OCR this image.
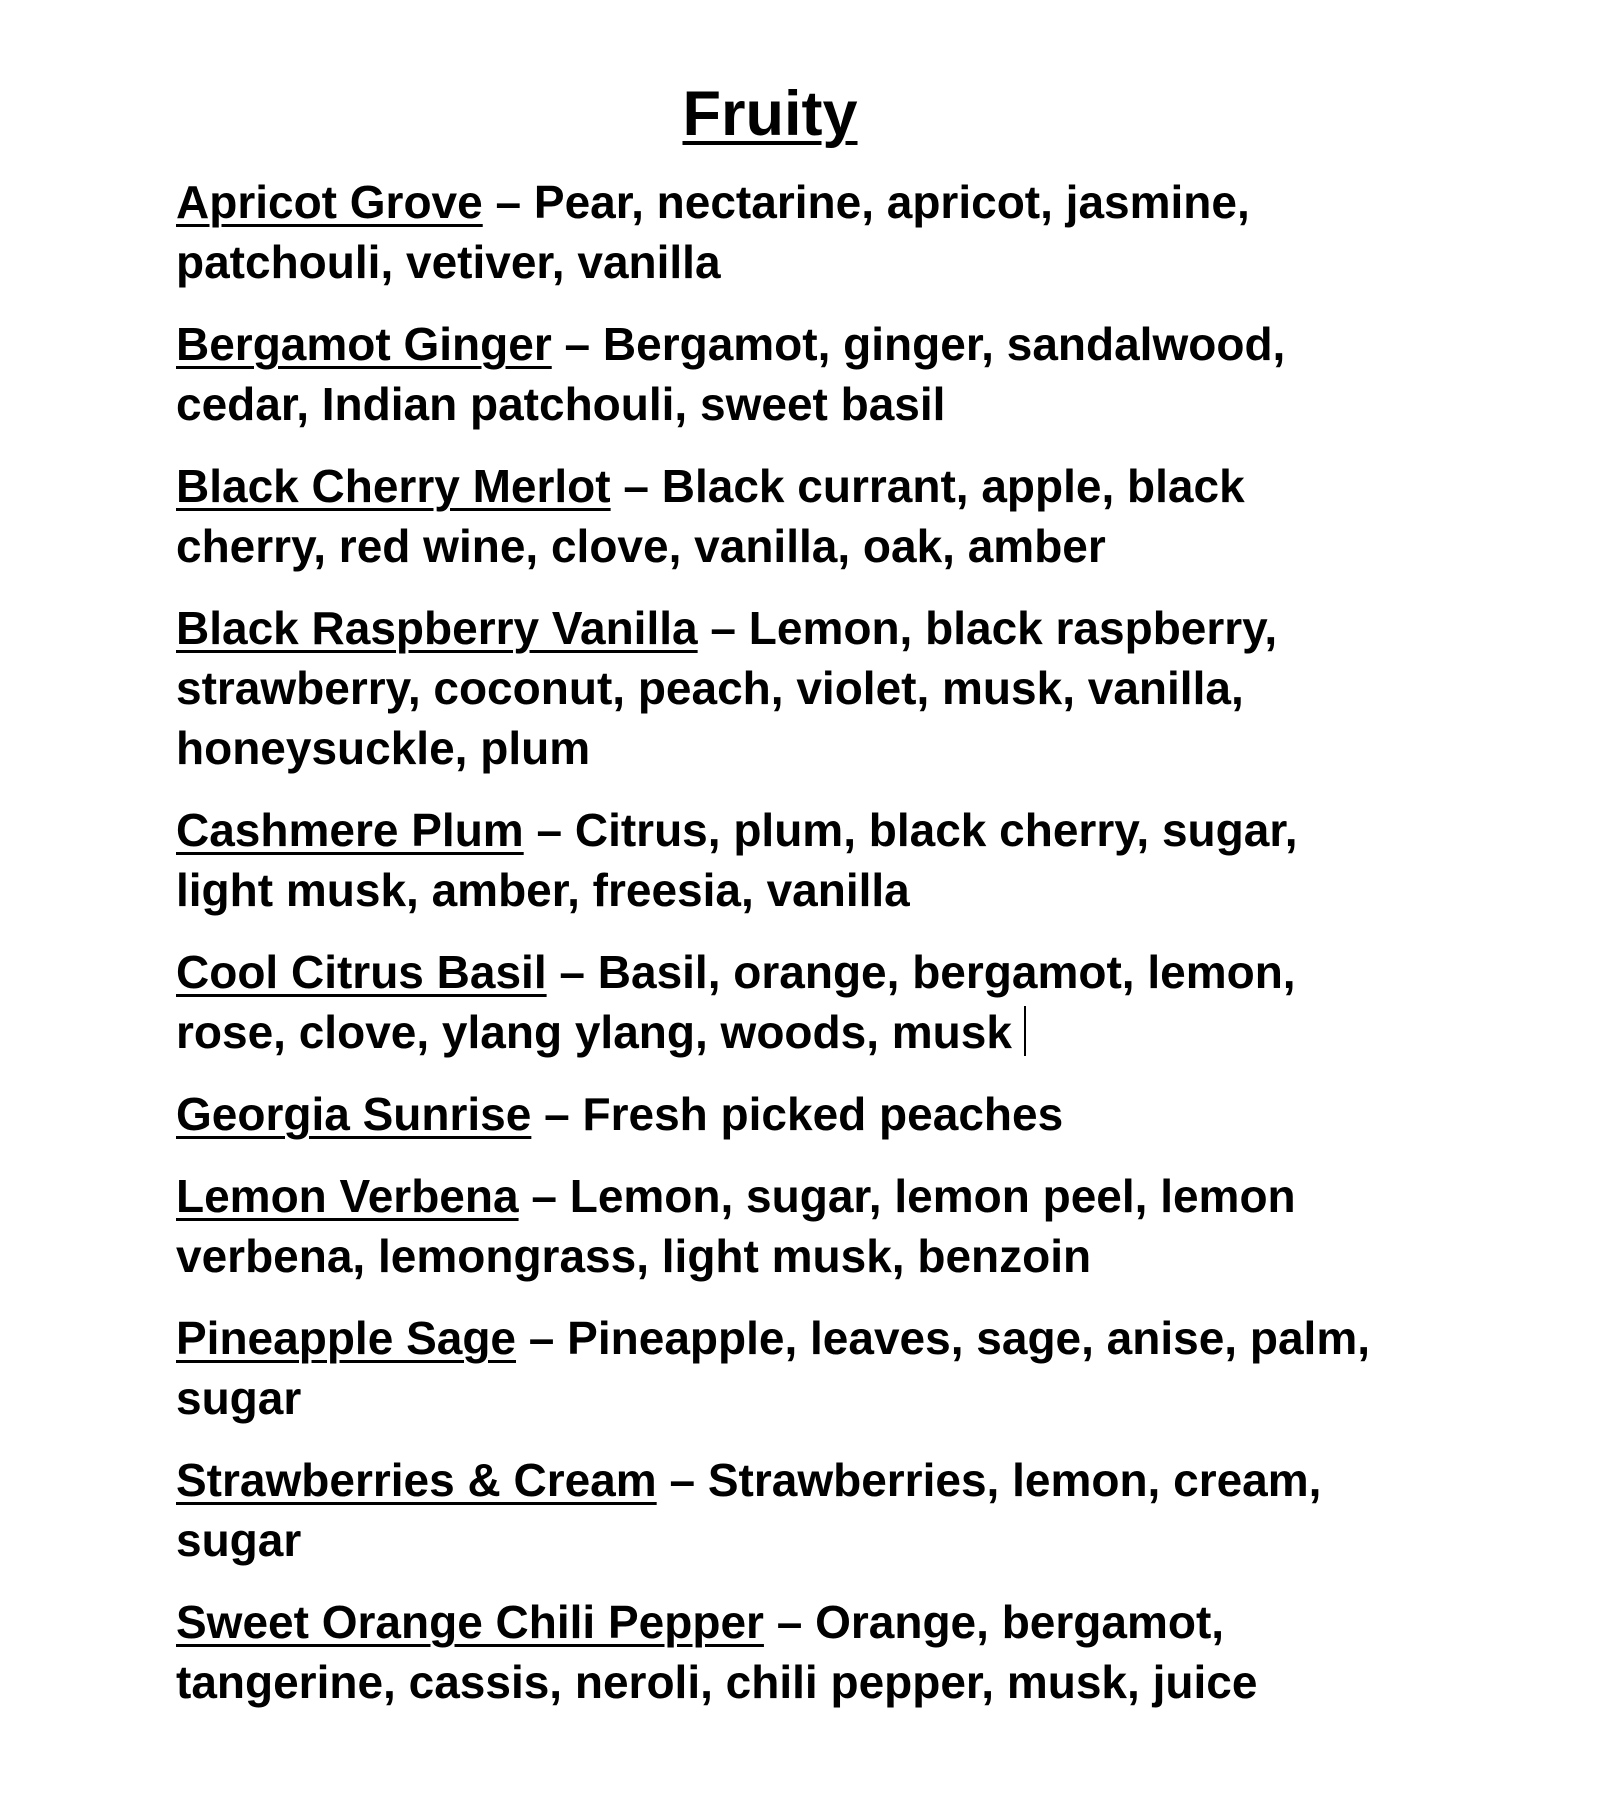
Fruity
Apricot Grove – Pear, nectarine, apricot, jasmine, patchouli, vetiver, vanilla
Bergamot Ginger – Bergamot, ginger, sandalwood, cedar, Indian patchouli, sweet basil
Black Cherry Merlot – Black currant, apple, black cherry, red wine, clove, vanilla, oak, amber
Black Raspberry Vanilla – Lemon, black raspberry, strawberry, coconut, peach, violet, musk, vanilla, honeysuckle, plum
Cashmere Plum – Citrus, plum, black cherry, sugar, light musk, amber, freesia, vanilla
Cool Citrus Basil – Basil, orange, bergamot, lemon, rose, clove, ylang ylang, woods, musk
Georgia Sunrise – Fresh picked peaches
Lemon Verbena – Lemon, sugar, lemon peel, lemon verbena, lemongrass, light musk, benzoin
Pineapple Sage – Pineapple, leaves, sage, anise, palm, sugar
Strawberries & Cream – Strawberries, lemon, cream, sugar
Sweet Orange Chili Pepper – Orange, bergamot, tangerine, cassis, neroli, chili pepper, musk, juice
